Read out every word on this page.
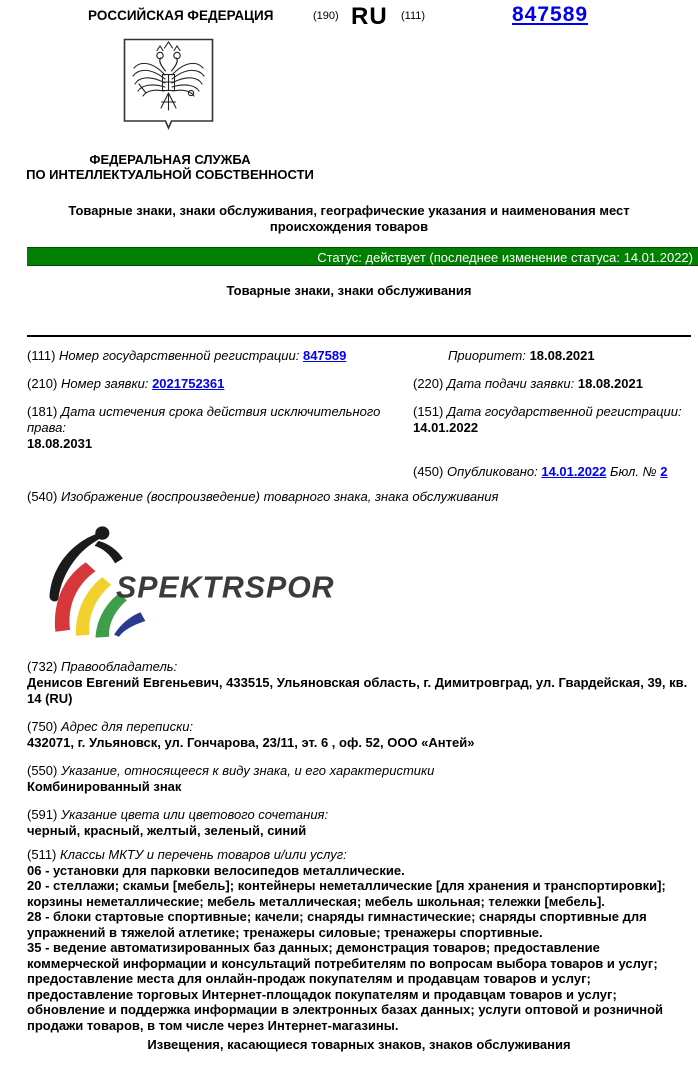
РОССИЙСКАЯ ФЕДЕРАЦИЯ	(190) RU (111)	847589
ФЕДЕРАЛЬНАЯ СЛУЖБА
ПО ИНТЕЛЛЕКТУАЛЬНОЙ СОБСТВЕННОСТИ
Товарные знаки, знаки обслуживания, географические указания и наименования мест происхождения товаров
Статус: действует (последнее изменение статуса: 14.01.2022)
Товарные знаки, знаки обслуживания
(111) Номер государственной регистрации: 847589	Приоритет: 18.08.2021
(210) Номер заявки: 2021752361	(220) Дата подачи заявки: 18.08.2021
(181) Дата истечения срока действия исключительного права:
18.08.2031
(151) Дата государственной регистрации:
14.01.2022
(450) Опубликовано: 14.01.2022 Бюл. № 2
(540) Изображение (воспроизведение) товарного знака, знака обслуживания
SPEKTRSPORT
(732) Правообладатель:
Денисов Евгений Евгеньевич, 433515, Ульяновская область, г. Димитровград, ул. Гвардейская, 39, кв. 14 (RU)
(750) Адрес для переписки:
432071, г. Ульяновск, ул. Гончарова, 23/11, эт. 6 , оф. 52, ООО «Антей»
(550) Указание, относящееся к виду знака, и его характеристики
Комбинированный знак
(591) Указание цвета или цветового сочетания:
черный, красный, желтый, зеленый, синий
(511) Классы МКТУ и перечень товаров и/или услуг:
06 - установки для парковки велосипедов металлические.
20 - стеллажи; скамьи [мебель]; контейнеры неметаллические [для хранения и транспортировки]; корзины неметаллические; мебель металлическая; мебель школьная; тележки [мебель].
28 - блоки стартовые спортивные; качели; снаряды гимнастические; снаряды спортивные для упражнений в тяжелой атлетике; тренажеры силовые; тренажеры спортивные.
35 - ведение автоматизированных баз данных; демонстрация товаров; предоставление коммерческой информации и консультаций потребителям по вопросам выбора товаров и услуг; предоставление места для онлайн-продаж покупателям и продавцам товаров и услуг; предоставление торговых Интернет-площадок покупателям и продавцам товаров и услуг; обновление и поддержка информации в электронных базах данных; услуги оптовой и розничной продажи товаров, в том числе через Интернет-магазины.
Извещения, касающиеся товарных знаков, знаков обслуживания
